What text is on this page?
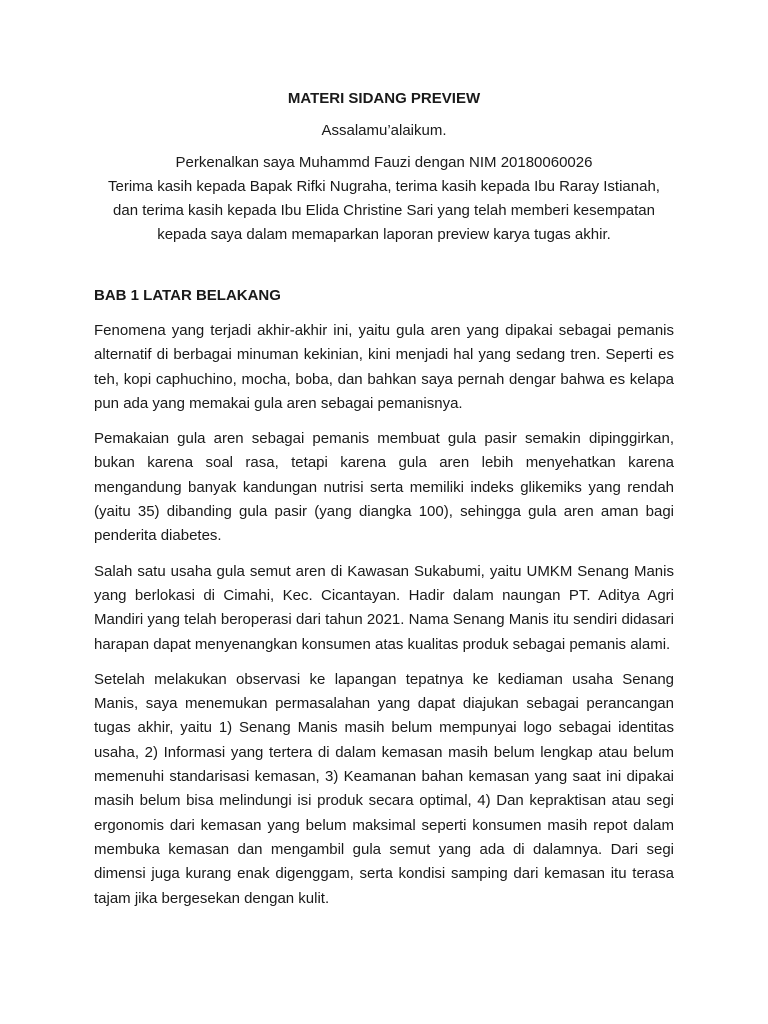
MATERI SIDANG PREVIEW

Assalamu’alaikum.

Perkenalkan saya Muhammd Fauzi dengan NIM 20180060026

Terima kasih kepada Bapak Rifki Nugraha, terima kasih kepada Ibu Raray Istianah, dan terima kasih kepada Ibu Elida Christine Sari yang telah memberi kesempatan kepada saya dalam memaparkan laporan preview karya tugas akhir.

BAB 1 LATAR BELAKANG

Fenomena yang terjadi akhir-akhir ini, yaitu gula aren yang dipakai sebagai pemanis alternatif di berbagai minuman kekinian, kini menjadi hal yang sedang tren. Seperti es teh, kopi caphuchino, mocha, boba, dan bahkan saya pernah dengar bahwa es kelapa pun ada yang memakai gula aren sebagai pemanisnya.

Pemakaian gula aren sebagai pemanis membuat gula pasir semakin dipinggirkan, bukan karena soal rasa, tetapi karena gula aren lebih menyehatkan karena mengandung banyak kandungan nutrisi serta memiliki indeks glikemiks yang rendah (yaitu 35) dibanding gula pasir (yang diangka 100), sehingga gula aren aman bagi penderita diabetes.

Salah satu usaha gula semut aren di Kawasan Sukabumi, yaitu UMKM Senang Manis yang berlokasi di Cimahi, Kec. Cicantayan. Hadir dalam naungan PT. Aditya Agri Mandiri yang telah beroperasi dari tahun 2021. Nama Senang Manis itu sendiri didasari harapan dapat menyenangkan konsumen atas kualitas produk sebagai pemanis alami.

Setelah melakukan observasi ke lapangan tepatnya ke kediaman usaha Senang Manis, saya menemukan permasalahan yang dapat diajukan sebagai perancangan tugas akhir, yaitu 1) Senang Manis masih belum mempunyai logo sebagai identitas usaha, 2) Informasi yang tertera di dalam kemasan masih belum lengkap atau belum memenuhi standarisasi kemasan, 3) Keamanan bahan kemasan yang saat ini dipakai masih belum bisa melindungi isi produk secara optimal, 4) Dan kepraktisan atau segi ergonomis dari kemasan yang belum maksimal seperti konsumen masih repot dalam membuka kemasan dan mengambil gula semut yang ada di dalamnya. Dari segi dimensi juga kurang enak digenggam, serta kondisi samping dari kemasan itu terasa tajam jika bergesekan dengan kulit.
